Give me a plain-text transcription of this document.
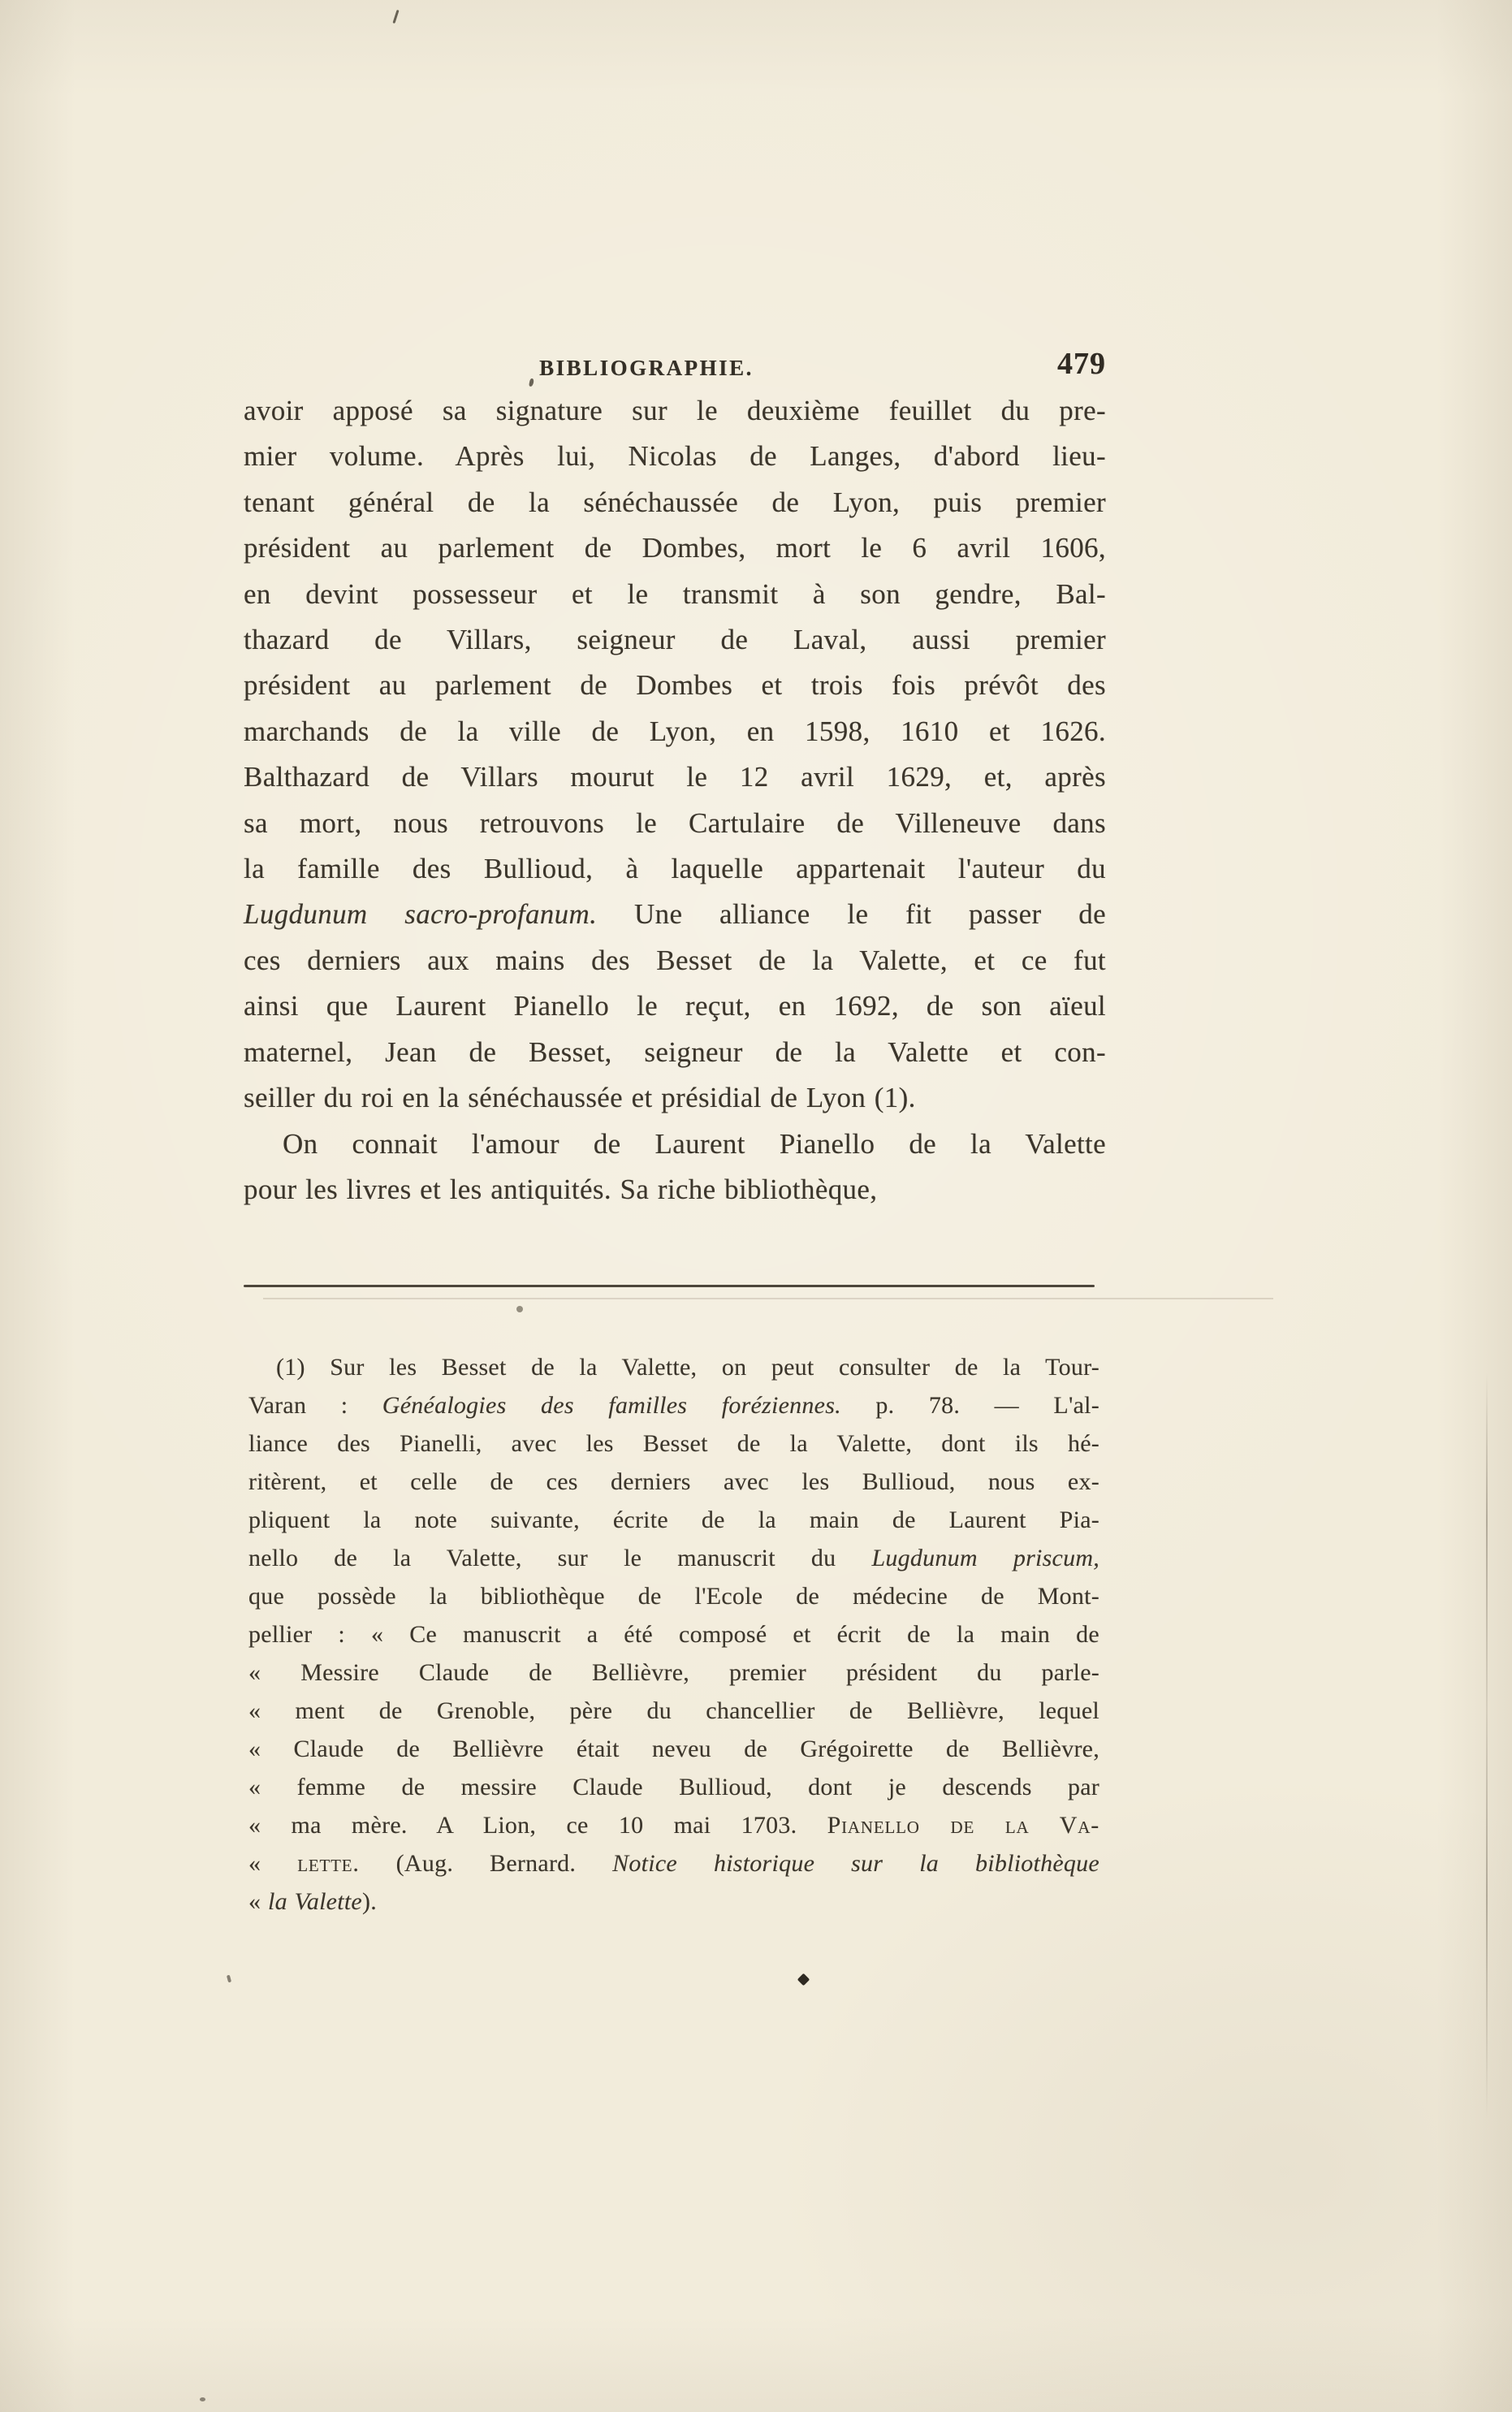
BIBLIOGRAPHIE.	479
avoir apposé sa signature sur le deuxième feuillet du pre-
mier volume. Après lui, Nicolas de Langes, d'abord lieu-
tenant général de la sénéchaussée de Lyon, puis premier
président au parlement de Dombes, mort le 6 avril 1606,
en devint possesseur et le transmit à son gendre, Bal-
thazard de Villars, seigneur de Laval, aussi premier
président au parlement de Dombes et trois fois prévôt des
marchands de la ville de Lyon, en 1598, 1610 et 1626.
Balthazard de Villars mourut le 12 avril 1629, et, après
sa mort, nous retrouvons le Cartulaire de Villeneuve dans
la famille des Bullioud, à laquelle appartenait l'auteur du
Lugdunum sacro-profanum. Une alliance le fit passer de
ces derniers aux mains des Besset de la Valette, et ce fut
ainsi que Laurent Pianello le reçut, en 1692, de son aïeul
maternel, Jean de Besset, seigneur de la Valette et con-
seiller du roi en la sénéchaussée et présidial de Lyon (1).
On connait l'amour de Laurent Pianello de la Valette
pour les livres et les antiquités. Sa riche bibliothèque,
(1) Sur les Besset de la Valette, on peut consulter de la Tour-
Varan : Généalogies des familles foréziennes. p. 78. — L'al-
liance des Pianelli, avec les Besset de la Valette, dont ils hé-
ritèrent, et celle de ces derniers avec les Bullioud, nous ex-
pliquent la note suivante, écrite de la main de Laurent Pia-
nello de la Valette, sur le manuscrit du Lugdunum priscum,
que possède la bibliothèque de l'Ecole de médecine de Mont-
pellier : « Ce manuscrit a été composé et écrit de la main de
« Messire Claude de Bellièvre, premier président du parle-
« ment de Grenoble, père du chancellier de Bellièvre, lequel
« Claude de Bellièvre était neveu de Grégoirette de Bellièvre,
« femme de messire Claude Bullioud, dont je descends par
« ma mère. A Lion, ce 10 mai 1703. Pianello de la Va-
« lette. (Aug. Bernard. Notice historique sur la bibliothèque
« la Valette).
